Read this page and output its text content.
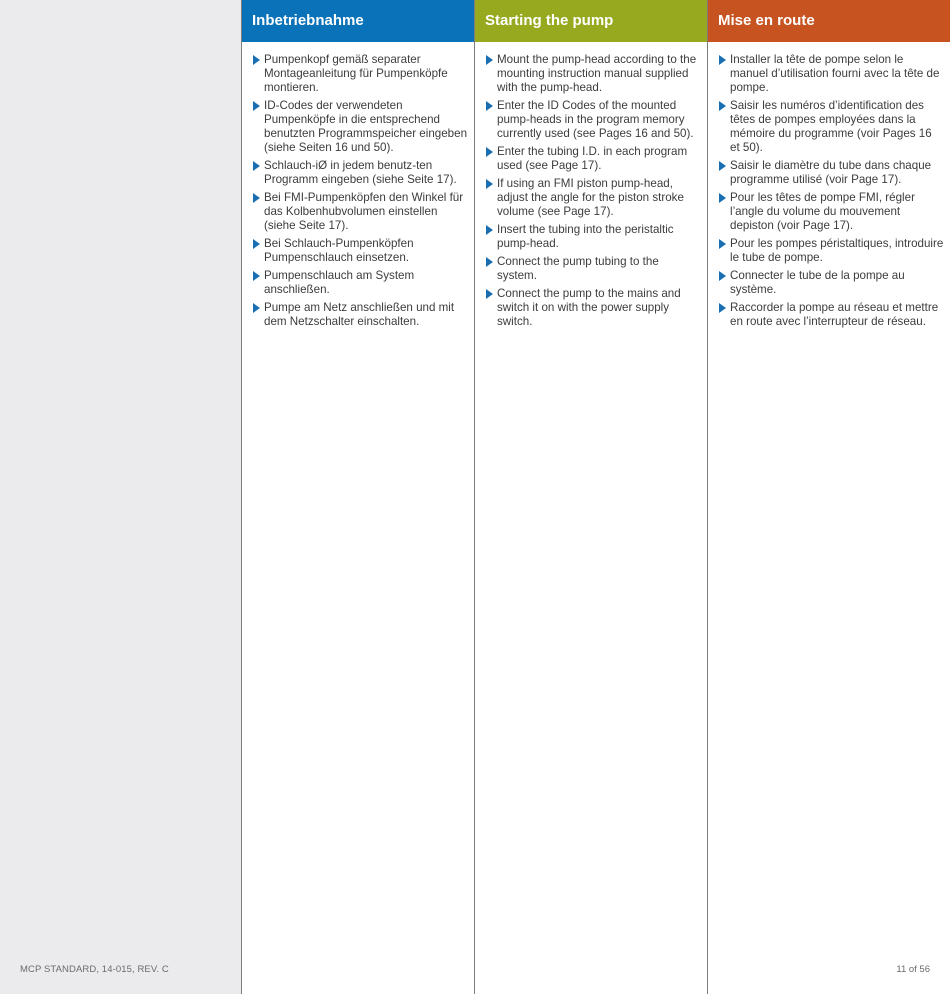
Inbetriebnahme
Pumpenkopf gemäß separater Montageanleitung für Pumpenköpfe montieren.
ID-Codes der verwendeten Pumpenköpfe in die entsprechend benutzten Programmspeicher eingeben (siehe Seiten 16 und 50).
Schlauch-iØ in jedem benutz-ten Programm eingeben (siehe Seite 17).
Bei FMI-Pumpenköpfen den Winkel für das Kolbenhubvolumen einstellen (siehe Seite 17).
Bei Schlauch-Pumpenköpfen Pumpenschlauch einsetzen.
Pumpenschlauch am System anschließen.
Pumpe am Netz anschließen und mit dem Netzschalter einschalten.
Starting the pump
Mount the pump-head according to the mounting instruction manual supplied with the pump-head.
Enter the ID Codes of the mounted pump-heads in the program memory currently used (see Pages 16 and 50).
Enter the tubing I.D. in each program used (see Page 17).
If using an FMI piston pump-head, adjust the angle for the piston stroke volume (see Page 17).
Insert the tubing into the peristaltic pump-head.
Connect the pump tubing to the system.
Connect the pump to the mains and switch it on with the power supply switch.
Mise en route
Installer la tête de pompe selon le manuel d’utilisation fourni avec la tête de pompe.
Saisir les numéros d’identification des têtes de pompes employées dans la mémoire du programme (voir Pages 16 et 50).
Saisir le diamètre du tube dans chaque programme utilisé (voir Page 17).
Pour les têtes de pompe FMI, régler l’angle du volume du mouvement depiston (voir Page 17).
Pour les pompes péristaltiques, introduire le tube de pompe.
Connecter le tube de la pompe au système.
Raccorder la pompe au réseau et mettre en route avec l’interrupteur de réseau.
MCP STANDARD, 14-015, REV. C	11 of 56
